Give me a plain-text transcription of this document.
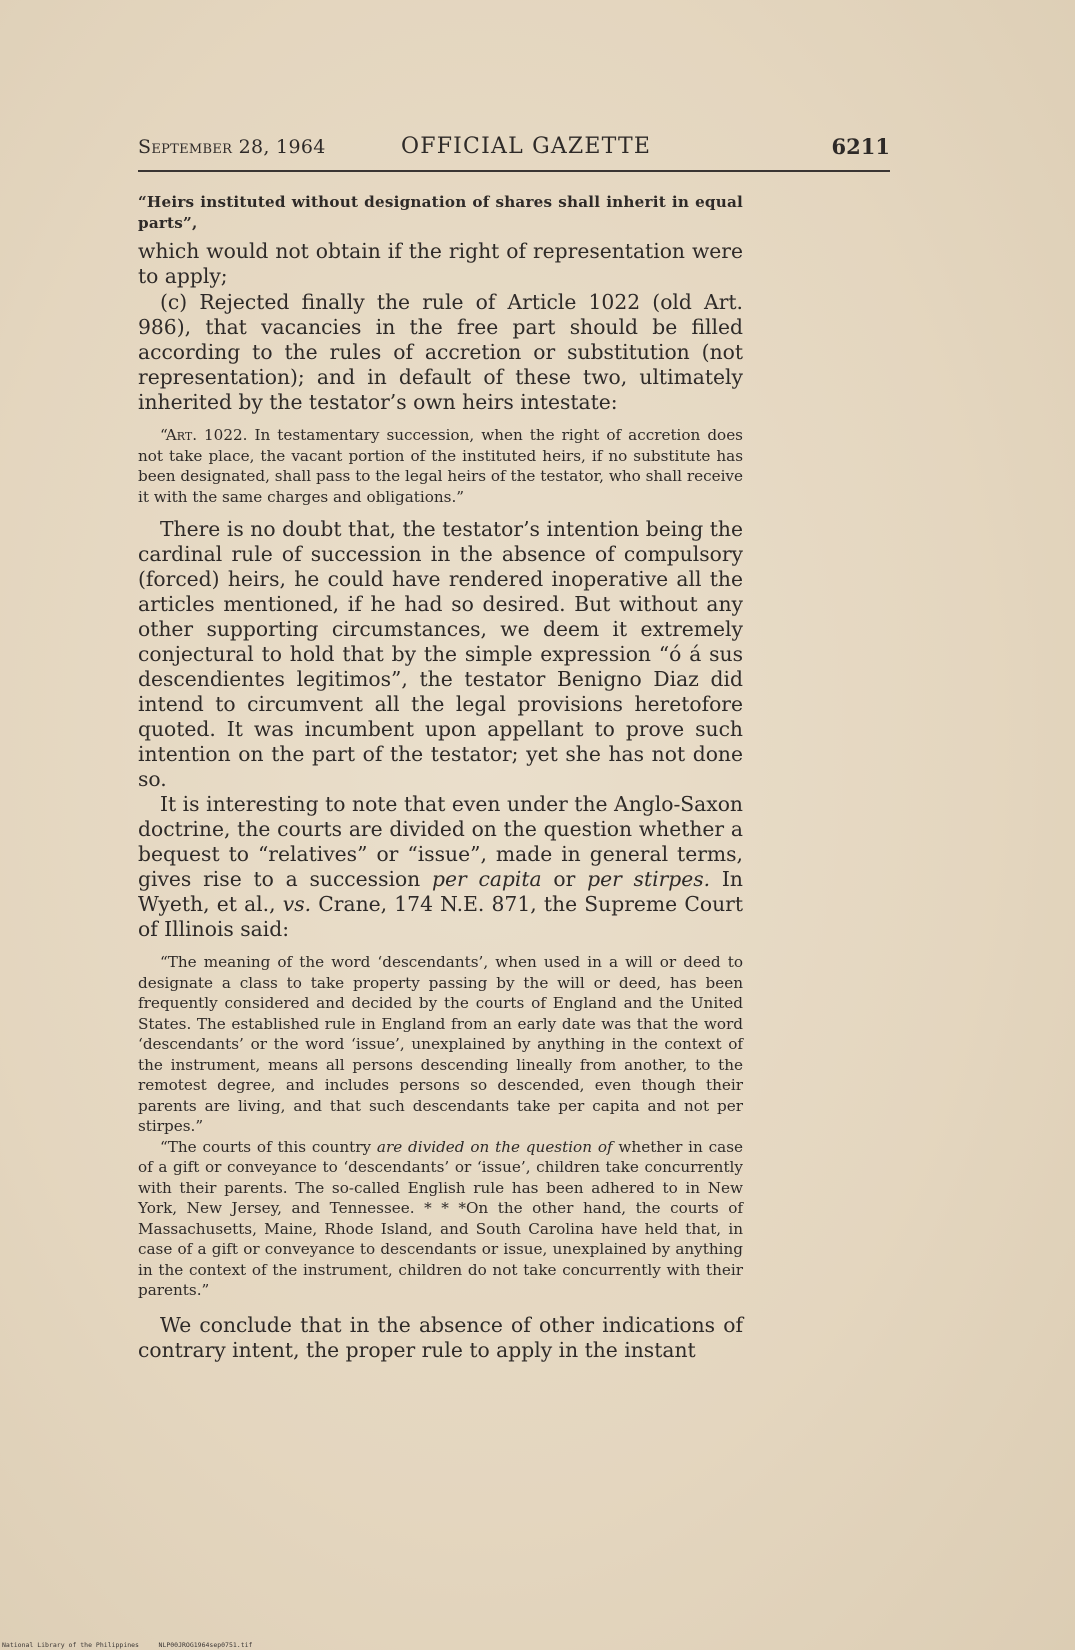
September 28, 1964	OFFICIAL GAZETTE	6211

“Heirs instituted without designation of shares shall inherit in equal parts”,

which would not obtain if the right of representation were to apply;

(c) Rejected finally the rule of Article 1022 (old Art. 986), that vacancies in the free part should be filled according to the rules of accretion or substitution (not representation); and in default of these two, ultimately inherited by the testator’s own heirs intestate:

“Art. 1022. In testamentary succession, when the right of accretion does not take place, the vacant portion of the instituted heirs, if no substitute has been designated, shall pass to the legal heirs of the testator, who shall receive it with the same charges and obligations.”

There is no doubt that, the testator’s intention being the cardinal rule of succession in the absence of compulsory (forced) heirs, he could have rendered inoperative all the articles mentioned, if he had so desired. But without any other supporting circumstances, we deem it extremely conjectural to hold that by the simple expression “ó á sus descendientes legitimos”, the testator Benigno Diaz did intend to circumvent all the legal provisions heretofore quoted. It was incumbent upon appellant to prove such intention on the part of the testator; yet she has not done so.

It is interesting to note that even under the Anglo-Saxon doctrine, the courts are divided on the question whether a bequest to “relatives” or “issue”, made in general terms, gives rise to a succession per capita or per stirpes. In Wyeth, et al., vs. Crane, 174 N.E. 871, the Supreme Court of Illinois said:

“The meaning of the word ‘descendants’, when used in a will or deed to designate a class to take property passing by the will or deed, has been frequently considered and decided by the courts of England and the United States. The established rule in England from an early date was that the word ‘descendants’ or the word ‘issue’, unexplained by anything in the context of the instrument, means all persons descending lineally from another, to the remotest degree, and includes persons so descended, even though their parents are living, and that such descendants take per capita and not per stirpes.”

“The courts of this country are divided on the question of whether in case of a gift or conveyance to ‘descendants’ or ‘issue’, children take concurrently with their parents. The so-called English rule has been adhered to in New York, New Jersey, and Tennessee. * * *On the other hand, the courts of Massachusetts, Maine, Rhode Island, and South Carolina have held that, in case of a gift or conveyance to descendants or issue, unexplained by anything in the context of the instrument, children do not take concurrently with their parents.”

We conclude that in the absence of other indications of contrary intent, the proper rule to apply in the instant

National Library of the Philippines     NLP00JROG1964sep0751.tif
